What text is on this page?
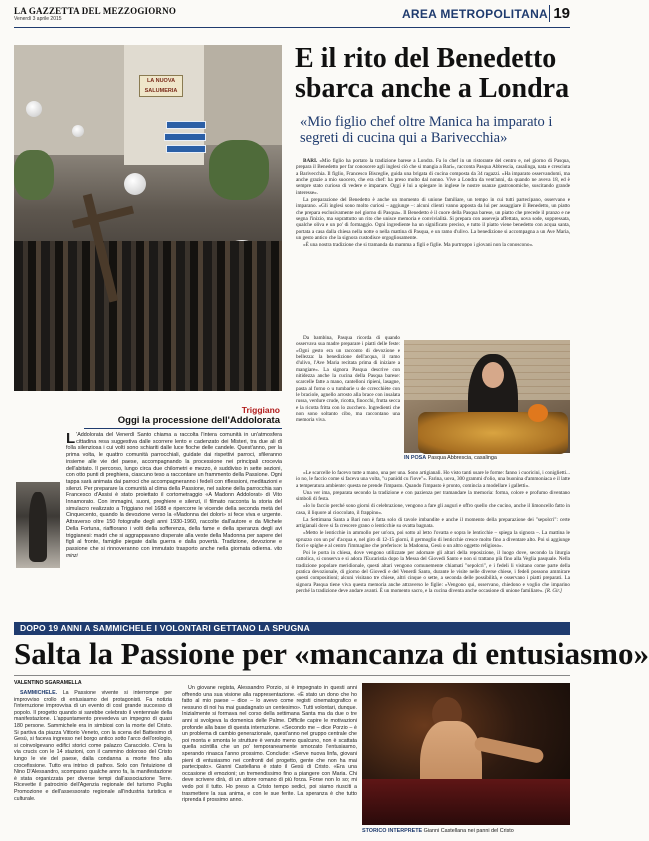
LA GAZZETTA DEL MEZZOGIORNO
Venerdì 3 aprile 2015	AREA METROPOLITANA 19
LA NUOVA SALUMERIA
E il rito del Benedetto sbarca anche a Londra
«Mio figlio chef oltre Manica ha imparato i segreti di cucina qui a Barivecchia»

BARI. «Mio figlio ha portato la tradizione barese a Londra. Fa lo chef in un ristorante del centro e, nel giorno di Pasqua, prepara il Benedetto per far conoscere agli inglesi ciò che si mangia a Bari», racconta Pasqua Abbrescia, casalinga, nata e cresciuta a Barivecchia. Il figlio, Francesco Bisceglie, guida una brigata di cucina composta da 34 ragazzi. «Ha imparato osservandomi, ma anche grazie a mio suocero, che era chef: ha preso molto dal nonno. Vive a Londra da vent'anni, da quando ne aveva 18, ed è sempre stato curioso di vedere e imparare. Oggi è lui a spiegare in inglese le nostre usanze gastronomiche, suscitando grande interesse».

La preparazione del Benedetto è anche un momento di unione familiare, un tempo in cui tutti partecipano, osservano e imparano. «Gli inglesi sono molto curiosi – aggiunge –: alcuni clienti vanno apposta da lui per assaggiare il Benedetto, un piatto che prepara esclusivamente nel giorno di Pasqua». Il Benedetto è il cuore della Pasqua barese, un piatto che precede il pranzo e ne segna l'inizio, ma soprattutto un rito che unisce memoria e convivialità. Si prepara con asseveja affettata, uova sode, soppressata, qualche oliva e un po' di formaggio. Ogni ingrediente ha un significato preciso, e tutto il piatto viene benedetto con acqua santa, portata a casa dalla chiesa nella notte o nella mattina di Pasqua, e un ramo d'ulivo. La benedizione si accompagna a un Ave Maria, un gesto antico che la signora custodisce orgogliosamente.

«È una nostra tradizione che si tramanda da mamma a figli e figlie. Ma purtroppo i giovani non la conoscono».

Da bambina, Pasqua ricorda di quando osservava sua madre preparare i piatti delle feste: «Ogni gesto era un racconto di devozione e bellezza: la benedizione dell'acqua, il ramo d'ulivo, l'Ave Maria recitata prima di iniziare a mangiare». La signora Pasqua descrive con nitidezza anche la cucina della Pasqua barese: scarcelle fatte a mano, cantelloni ripieni, lasagne, pasta al forno o u tumbarìe u de ccrecchiète con le braciole, agnello arrosto alla brace con insalata russa, verdure crude, ricotta, finocchi, frutta secca e la ricotta fritta con lo zucchero. Ingredienti che non sono soltanto cibo, ma raccontano una memoria viva.

IN POSA Pasqua Abbrescia, casalinga

«Le scarcelle lo facevo tutte a mano, una per una. Sono artigianali. Ho visto tanti usare le forme: fanno i cuoricini, i coniglietti... io no, le faccio come si faceva una volta, "u panìdd cu l'ìove"». Farina, uova, 300 grammi d'olio, una buonina d'ammoniaca e il latte a temperatura ambiente: questa ne prende l'impasto. Quando l'impasto è pronto, comincia a modellare i galletti».

Una ver ima, preparata secondo la tradizione e con pazienza per tramandare la memoria: forma, colore e profumo diventano simboli di festa.

«Io lo faccio perché sono giorni di celebrazione, vengono a fare gli auguri e offro quello che cucino, anche il limoncello fatto in casa, il liquore al cioccolato, il frappìno».

La Settimana Santa a Bari non è fatta solo di tavole imbandite e anche il momento della preparazione dei "sepolcri": certe artigianali dove si fa crescere grano o lenticchie su ovatta bagnata.

«Metto le lenticchie in ammollo per un'ora, poi sotto al letto l'ovatta e sopra le lenticchie – spiega la signora –. La mattina le spruzzo con un po' d'acqua e, nel giro di 12-15 giorni, il germoglio di lenticchie cresce molto fino a diventare alto. Poi si aggiunge fiori e spighe e al centro l'immagine che preferisce: la Madonna, Gesù o un altro oggetto religioso».

Poi le porta in chiesa, dove vengono utilizzate per adornare gli altari della reposizione, il luogo dove, secondo la liturgia cattolica, si conserva e si adora l'Eucaristia dopo la Messa del Giovedì Santo e non si trattano più fino alla Veglia pasquale. Nella tradizione popolare meridionale, questi altari vengono comunemente chiamati "sepolcri", e i fedeli li visitano come parte della pratica devozionale, di giorno del Giovedì e del Venerdì Santo, durante le visite nelle diverse chiese, i fedeli possono ammirare questi compositioni; alcuni visitano tre chiese, altri cinque o sette, a seconda delle possibilità, e osservano i piatti preparati. La signora Pasqua tiene viva questa memoria anche attraverso le figlie: «Vengono qui, osservano, chiedono e voglio che imparino perché la tradizione deve andare avanti. È un momento sacro, e la cucina diventa anche occasione di unione familiare». [R. Gir.]

Triggiano
Oggi la processione dell'Addolorata
L 'Addolorata del Venerdì Santo chiama a raccolta l'intera comunità in un'atmosfera cittadina resa suggestiva dalle scorrere lento e cadenzato dei Misteri, tra due ali di folla silenziosa i cui volti sono schiariti dalle luce fioche delle candele. Quest'anno, per la prima volta, le quattro comunità parrocchiali, guidate dai rispettivi parroci, sfileranno insieme alle vie del paese, accompagnando la processione nei principali crocevia dell'abitato. Il percorso, lungo circa due chilometri e mezzo, è suddiviso in sette sezioni, con otto punti di preghiera, ciascuno teso a raccontare un frammento della Passione. Ogni tappa sarà animata dai parroci che accompagneranno i fedeli con riflessioni, meditazioni e silenzi. Per preparare la comunità al clima della Passione, nel salone della parrocchia san Francesco d'Assisi è stato proiettato il cortometraggio «A Madonn Addolorat» di Vito Innamorato. Con immagini, suoni, preghiere e silenzi, il filmato racconta la storia del simulacro realizzato a Triggiano nel 1688 e ripercorre le vicende della seconda metà del Cinquecento, quando la devozione verso la «Madonna dei dolori» si fece viva e urgente. Attraverso oltre 150 fotografie degli anni 1930-1960, raccolte dall'autore e da Michele Della Fortuna, riaffiorano i volti della sofferenza, della fame e della speranza degli avi triggianesi: madri che si aggrappavano disperate alla veste della Madonna per sapere dei figli al fronte, famiglie piegate dalla guerra e dalla povertà. Tradizione, devozione e passione che si rinnoveranno con immutato trasporto anche nella giornata odierna. vito minzi
DOPO 19 ANNI A SAMMICHELE I VOLONTARI GETTANO LA SPUGNA
Salta la Passione per «mancanza di entusiasmo»
VALENTINO SGARAMELLA

SAMMICHELE. La Passione vivente si interrompe per improvviso crollo di entusiasmo dei protagonisti. Fa notizia l'interruzione improvvisa di un evento di così grande successo di popolo. Il progetto quando si sarebbe celebrato il ventennale della manifestazione. L'appuntamento prevedeva un impegno di quasi 180 persone. Sammichele era in simbiosi con la morte del Cristo. Si partiva da piazza Vittorio Veneto, con la scena del Battesimo di Gesù, si faceva ingresso nel borgo antico sotto l'arco dell'orologio, si coinvolgevano edifici storici come palazzo Caracciolo. C'era la via crucis con le 14 stazioni, con il cammino doloroso del Cristo lungo le vie del paese, dalla condanna a morte fino alla crocefissione. Tutto era intriso di pathos. Solo con l'intuizione di Nino D'Alessandro, scomparso qualche anno fa, la manifestazione è stata organizzata per diverse tempi dall'associazione Terre. Ricevette il patrocinio dell'Agenzia regionale del turismo Puglia Promozione e dell'assessorato regionale all'industria turistica e culturale.

Un giovane regista, Alessandro Porzio, si è impegnato in questi anni offrendo una sua visione alla rappresentazione. «È stato un dono che ho fatto al mio paese – dice – lo avevo come registi cinematografico e nessuno di noi ha mai guadagnato un centesimo». Tutti volontari, dunque. Inizialmente si formava nel corso della settimana Santa ma da due o tre anni si svolgeva la domenica delle Palme. Difficile capire le motivazioni profonde alla base di questa interruzione. «Secondo me – dice Porzio – è un problema di cambio generazionale, quest'anno nel gruppo centrale che poi monta e smonta le strutture è venuto meno qualcuno, non è scattata quella scintilla che un po' temporaneamente smorzato l'entusiasmo, sperando rinasca l'anno prossimo. Conclude: «Serve nuova linfa, giovani pieni di entusiasmo nei confronti del progetto, gente che non ha mai partecipato». Gianni Castellana è stato il Gesù di Cristo. «Era una occasione di emozioni; un tremendissimo fino a piangere con Maria. Chi deve scrivere dirà, di un attore romano di più forza. Forse non lo so; mi vedo poi il tutto. Ho preso a Cristo tempo sedici, poi siamo riusciti a trasmettere la sua anima, e con le sue ferite. La speranza è che tutto riprenda il prossimo anno.

STORICO INTERPRETE Gianni Castellana nei panni del Cristo
